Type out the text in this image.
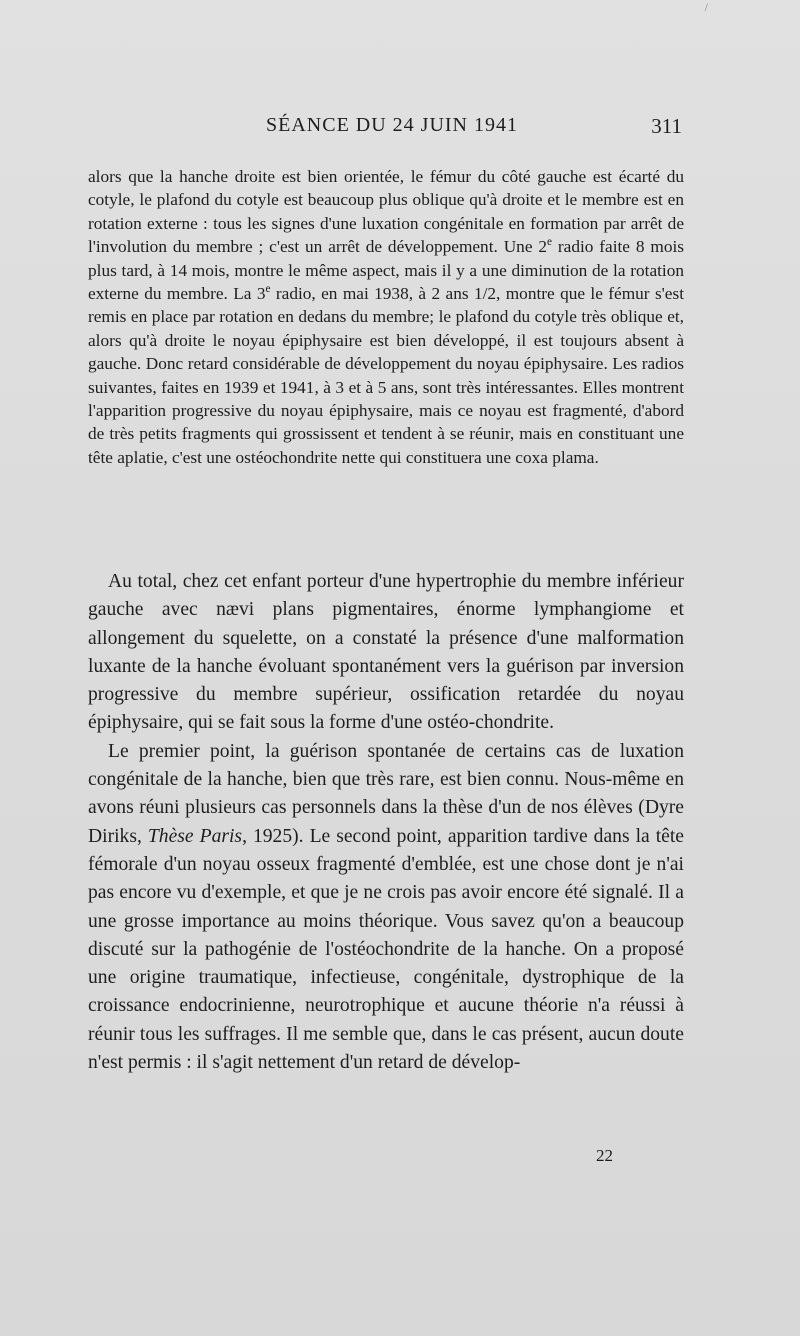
/
SÉANCE DU 24 JUIN 1941	311

alors que la hanche droite est bien orientée, le fémur du côté gauche est écarté du cotyle, le plafond du cotyle est beaucoup plus oblique qu'à droite et le membre est en rotation externe : tous les signes d'une luxation congénitale en formation par arrêt de l'involution du membre ; c'est un arrêt de développement. Une 2e radio faite 8 mois plus tard, à 14 mois, montre le même aspect, mais il y a une diminution de la rotation externe du membre. La 3e radio, en mai 1938, à 2 ans 1/2, montre que le fémur s'est remis en place par rotation en dedans du membre; le plafond du cotyle très oblique et, alors qu'à droite le noyau épiphysaire est bien développé, il est toujours absent à gauche. Donc retard considérable de développement du noyau épiphysaire. Les radios suivantes, faites en 1939 et 1941, à 3 et à 5 ans, sont très intéressantes. Elles montrent l'apparition progressive du noyau épiphysaire, mais ce noyau est fragmenté, d'abord de très petits fragments qui grossissent et tendent à se réunir, mais en constituant une tête aplatie, c'est une ostéochondrite nette qui constituera une coxa plama.

Au total, chez cet enfant porteur d'une hypertrophie du membre inférieur gauche avec nævi plans pigmentaires, énorme lymphangiome et allongement du squelette, on a constaté la présence d'une malformation luxante de la hanche évoluant spontanément vers la guérison par inversion progressive du membre supérieur, ossification retardée du noyau épiphysaire, qui se fait sous la forme d'une ostéo-chondrite.

Le premier point, la guérison spontanée de certains cas de luxation congénitale de la hanche, bien que très rare, est bien connu. Nous-même en avons réuni plusieurs cas personnels dans la thèse d'un de nos élèves (Dyre Diriks, Thèse Paris, 1925). Le second point, apparition tardive dans la tête fémorale d'un noyau osseux fragmenté d'emblée, est une chose dont je n'ai pas encore vu d'exemple, et que je ne crois pas avoir encore été signalé. Il a une grosse importance au moins théorique. Vous savez qu'on a beaucoup discuté sur la pathogénie de l'ostéochondrite de la hanche. On a proposé une origine traumatique, infectieuse, congénitale, dystrophique de la croissance endocrinienne, neurotrophique et aucune théorie n'a réussi à réunir tous les suffrages. Il me semble que, dans le cas présent, aucun doute n'est permis : il s'agit nettement d'un retard de dévelop-

22
